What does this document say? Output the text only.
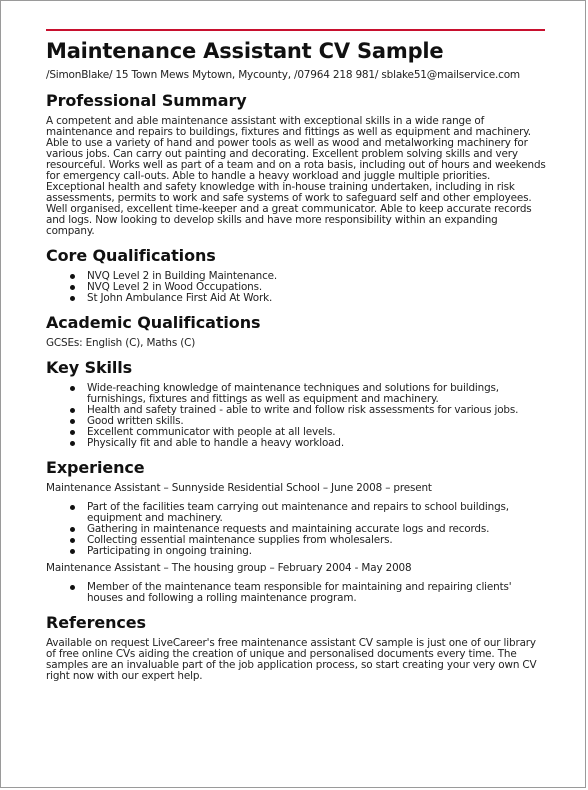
Maintenance Assistant CV Sample
/SimonBlake/ 15 Town Mews Mytown, Mycounty, /07964 218 981/ sblake51@mailservice.com
Professional Summary

A competent and able maintenance assistant with exceptional skills in a wide range of maintenance and repairs to buildings, fixtures and fittings as well as equipment and machinery. Able to use a variety of hand and power tools as well as wood and metalworking machinery for various jobs. Can carry out painting and decorating. Excellent problem solving skills and very resourceful. Works well as part of a team and on a rota basis, including out of hours and weekends for emergency call-outs. Able to handle a heavy workload and juggle multiple priorities. Exceptional health and safety knowledge with in-house training undertaken, including in risk assessments, permits to work and safe systems of work to safeguard self and other employees. Well organised, excellent time-keeper and a great communicator. Able to keep accurate records and logs. Now looking to develop skills and have more responsibility within an expanding company.

Core Qualifications
NVQ Level 2 in Building Maintenance.
NVQ Level 2 in Wood Occupations.
St John Ambulance First Aid At Work.
Academic Qualifications

GCSEs: English (C), Maths (C)

Key Skills
Wide-reaching knowledge of maintenance techniques and solutions for buildings, furnishings, fixtures and fittings as well as equipment and machinery.
Health and safety trained - able to write and follow risk assessments for various jobs.
Good written skills.
Excellent communicator with people at all levels.
Physically fit and able to handle a heavy workload.
Experience

Maintenance Assistant – Sunnyside Residential School – June 2008 – present

Part of the facilities team carrying out maintenance and repairs to school buildings, equipment and machinery.
Gathering in maintenance requests and maintaining accurate logs and records.
Collecting essential maintenance supplies from wholesalers.
Participating in ongoing training.

Maintenance Assistant – The housing group – February 2004 - May 2008

Member of the maintenance team responsible for maintaining and repairing clients' houses and following a rolling maintenance program.
References

Available on request LiveCareer's free maintenance assistant CV sample is just one of our library of free online CVs aiding the creation of unique and personalised documents every time. The samples are an invaluable part of the job application process, so start creating your very own CV right now with our expert help.
